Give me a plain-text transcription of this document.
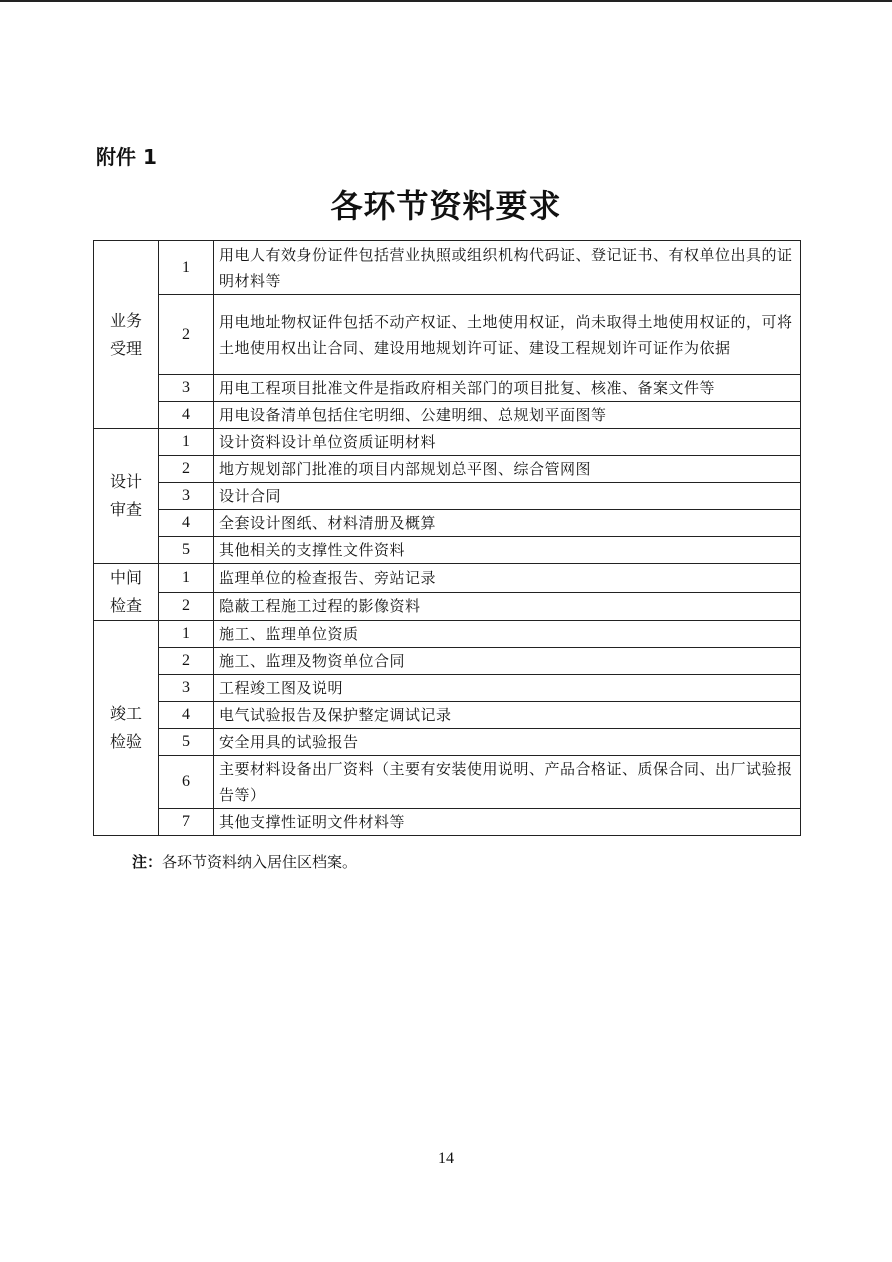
附件 1
各环节资料要求
业务
受理	1	用电人有效身份证件包括营业执照或组织机构代码证、登记证书、有权单位出具的证明材料等
	2	用电地址物权证件包括不动产权证、土地使用权证，尚未取得土地使用权证的，可将土地使用权出让合同、建设用地规划许可证、建设工程规划许可证作为依据
	3	用电工程项目批准文件是指政府相关部门的项目批复、核准、备案文件等
	4	用电设备清单包括住宅明细、公建明细、总规划平面图等

设计
审查	1	设计资料设计单位资质证明材料
	2	地方规划部门批准的项目内部规划总平图、综合管网图
	3	设计合同
	4	全套设计图纸、材料清册及概算
	5	其他相关的支撑性文件资料

中间
检查	1	监理单位的检查报告、旁站记录
	2	隐蔽工程施工过程的影像资料

竣工
检验	1	施工、监理单位资质
	2	施工、监理及物资单位合同
	3	工程竣工图及说明
	4	电气试验报告及保护整定调试记录
	5	安全用具的试验报告
	6	主要材料设备出厂资料（主要有安装使用说明、产品合格证、质保合同、出厂试验报告等）
	7	其他支撑性证明文件材料等
注：各环节资料纳入居住区档案。
14
